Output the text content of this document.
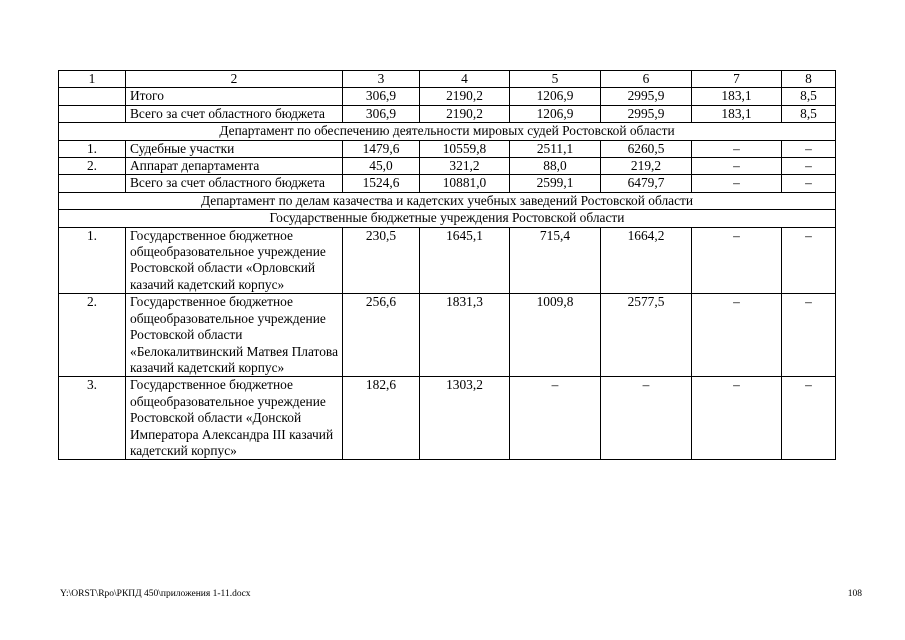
1	2	3	4	5	6	7	8
	Итого	306,9	2190,2	1206,9	2995,9	183,1	8,5
	Всего за счет областного бюджета	306,9	2190,2	1206,9	2995,9	183,1	8,5
Департамент по обеспечению деятельности мировых судей Ростовской области							
1.	Судебные участки	1479,6	10559,8	2511,1	6260,5	–	–
2.	Аппарат департамента	45,0	321,2	88,0	219,2	–	–
	Всего за счет областного бюджета	1524,6	10881,0	2599,1	6479,7	–	–
Департамент по делам казачества и кадетских учебных заведений Ростовской области							
Государственные бюджетные учреждения Ростовской области							
1.	Государственное бюджетное общеобразовательное учреждение Ростовской области «Орловский казачий кадетский корпус»	230,5	1645,1	715,4	1664,2	–	–
2.	Государственное бюджетное общеобразовательное учреждение Ростовской области «Белокалитвинский Матвея Платова казачий кадетский корпус»	256,6	1831,3	1009,8	2577,5	–	–
3.	Государственное бюджетное общеобразовательное учреждение Ростовской области «Донской Императора Александра III казачий кадетский корпус»	182,6	1303,2	–	–	–	–
Y:\ORST\Rpo\РКПД 450\приложения 1-11.docx	108
